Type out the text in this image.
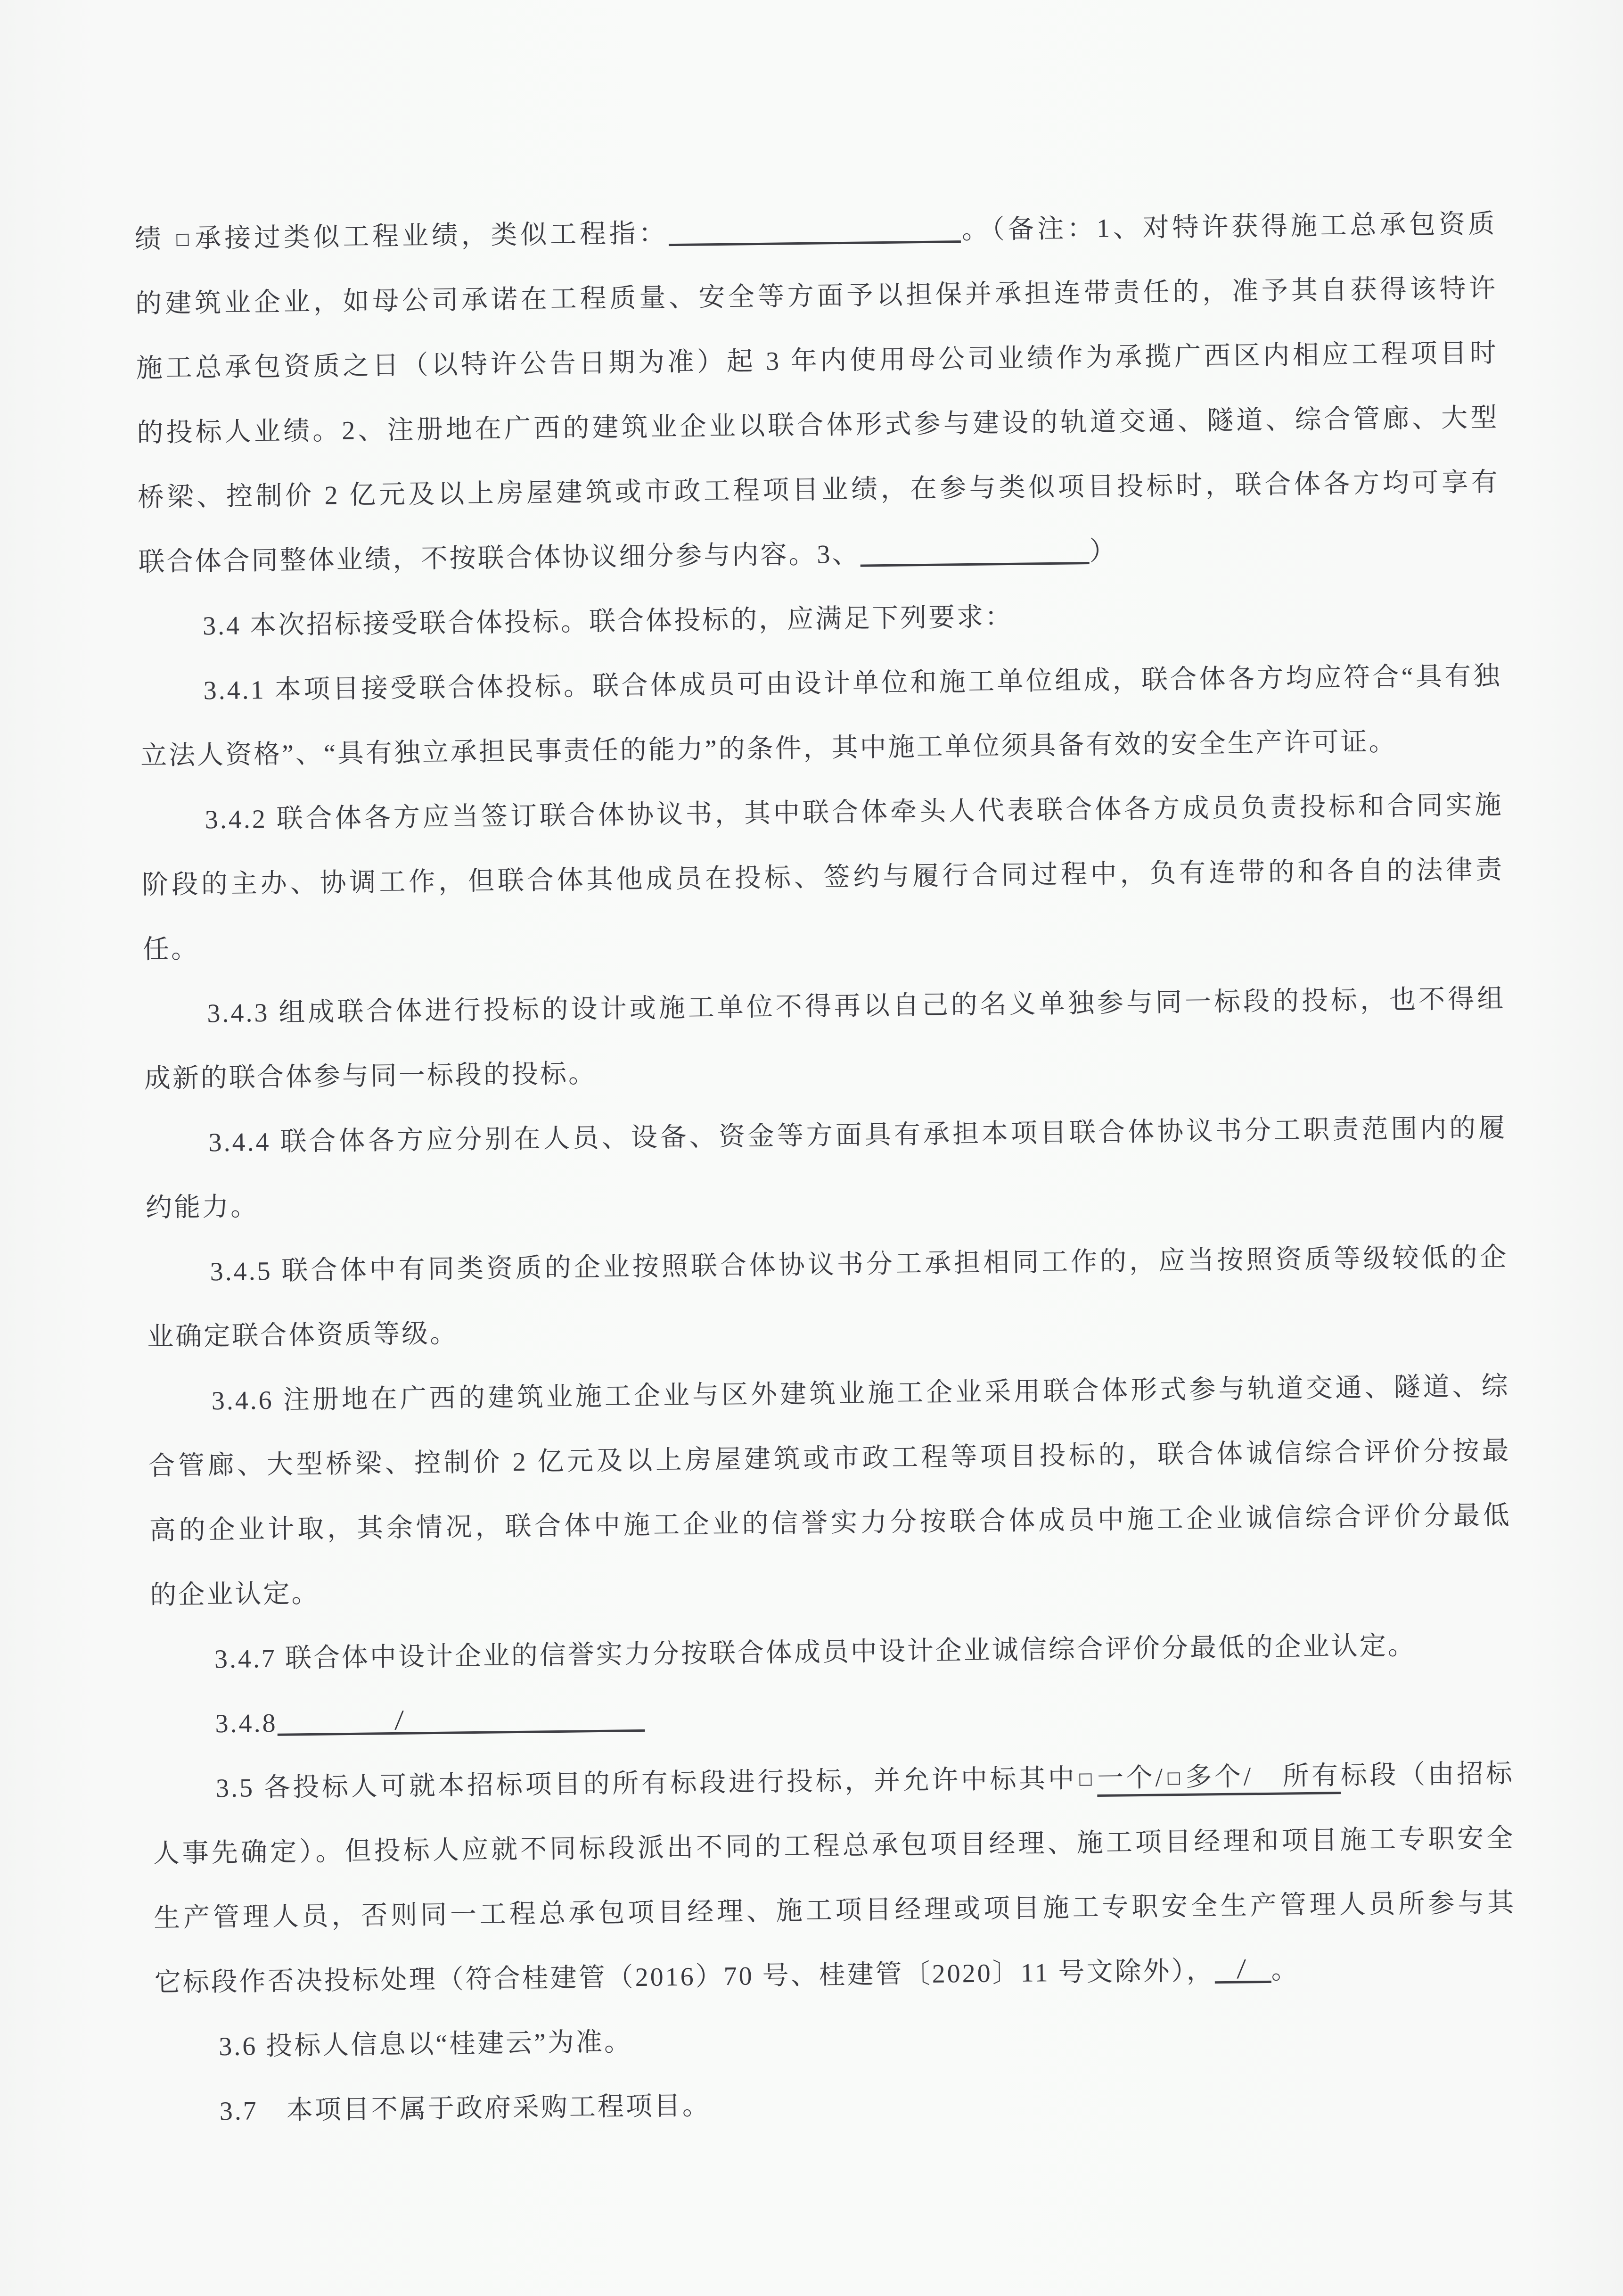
绩 □ 承接过类似工程业绩，类似工程指：	。（备注：1、对特许获得施工总承包资质
的建筑业企业，如母公司承诺在工程质量、安全等方面予以担保并承担连带责任的，准予其自获得该特许
施工总承包资质之日（以特许公告日期为准）起 3 年内使用母公司业绩作为承揽广西区内相应工程项目时
的投标人业绩。2、注册地在广西的建筑业企业以联合体形式参与建设的轨道交通、隧道、综合管廊、大型
桥梁、控制价 2 亿元及以上房屋建筑或市政工程项目业绩，在参与类似项目投标时，联合体各方均可享有
联合体合同整体业绩，不按联合体协议细分参与内容。3、	）
3.4 本次招标接受联合体投标。联合体投标的，应满足下列要求：
3.4.1 本项目接受联合体投标。联合体成员可由设计单位和施工单位组成，联合体各方均应符合“具有独
立法人资格”、“具有独立承担民事责任的能力”的条件，其中施工单位须具备有效的安全生产许可证。
3.4.2 联合体各方应当签订联合体协议书，其中联合体牵头人代表联合体各方成员负责投标和合同实施
阶段的主办、协调工作，但联合体其他成员在投标、签约与履行合同过程中，负有连带的和各自的法律责
任。
3.4.3 组成联合体进行投标的设计或施工单位不得再以自己的名义单独参与同一标段的投标，也不得组
成新的联合体参与同一标段的投标。
3.4.4 联合体各方应分别在人员、设备、资金等方面具有承担本项目联合体协议书分工职责范围内的履
约能力。
3.4.5 联合体中有同类资质的企业按照联合体协议书分工承担相同工作的，应当按照资质等级较低的企
业确定联合体资质等级。
3.4.6 注册地在广西的建筑业施工企业与区外建筑业施工企业采用联合体形式参与轨道交通、隧道、综
合管廊、大型桥梁、控制价 2 亿元及以上房屋建筑或市政工程等项目投标的，联合体诚信综合评价分按最
高的企业计取，其余情况，联合体中施工企业的信誉实力分按联合体成员中施工企业诚信综合评价分最低
的企业认定。
3.4.7 联合体中设计企业的信誉实力分按联合体成员中设计企业诚信综合评价分最低的企业认定。
3.4.8	/
3.5 各投标人可就本招标项目的所有标段进行投标，并允许中标其中□ 一个/□ 多个/　所有标段（由招标
人事先确定）。但投标人应就不同标段派出不同的工程总承包项目经理、施工项目经理和项目施工专职安全
生产管理人员，否则同一工程总承包项目经理、施工项目经理或项目施工专职安全生产管理人员所参与其
它标段作否决投标处理（符合桂建管（2016）70 号、桂建管〔2020〕11 号文除外）， / 。
3.6 投标人信息以“桂建云”为准。
3.7　本项目不属于政府采购工程项目。
